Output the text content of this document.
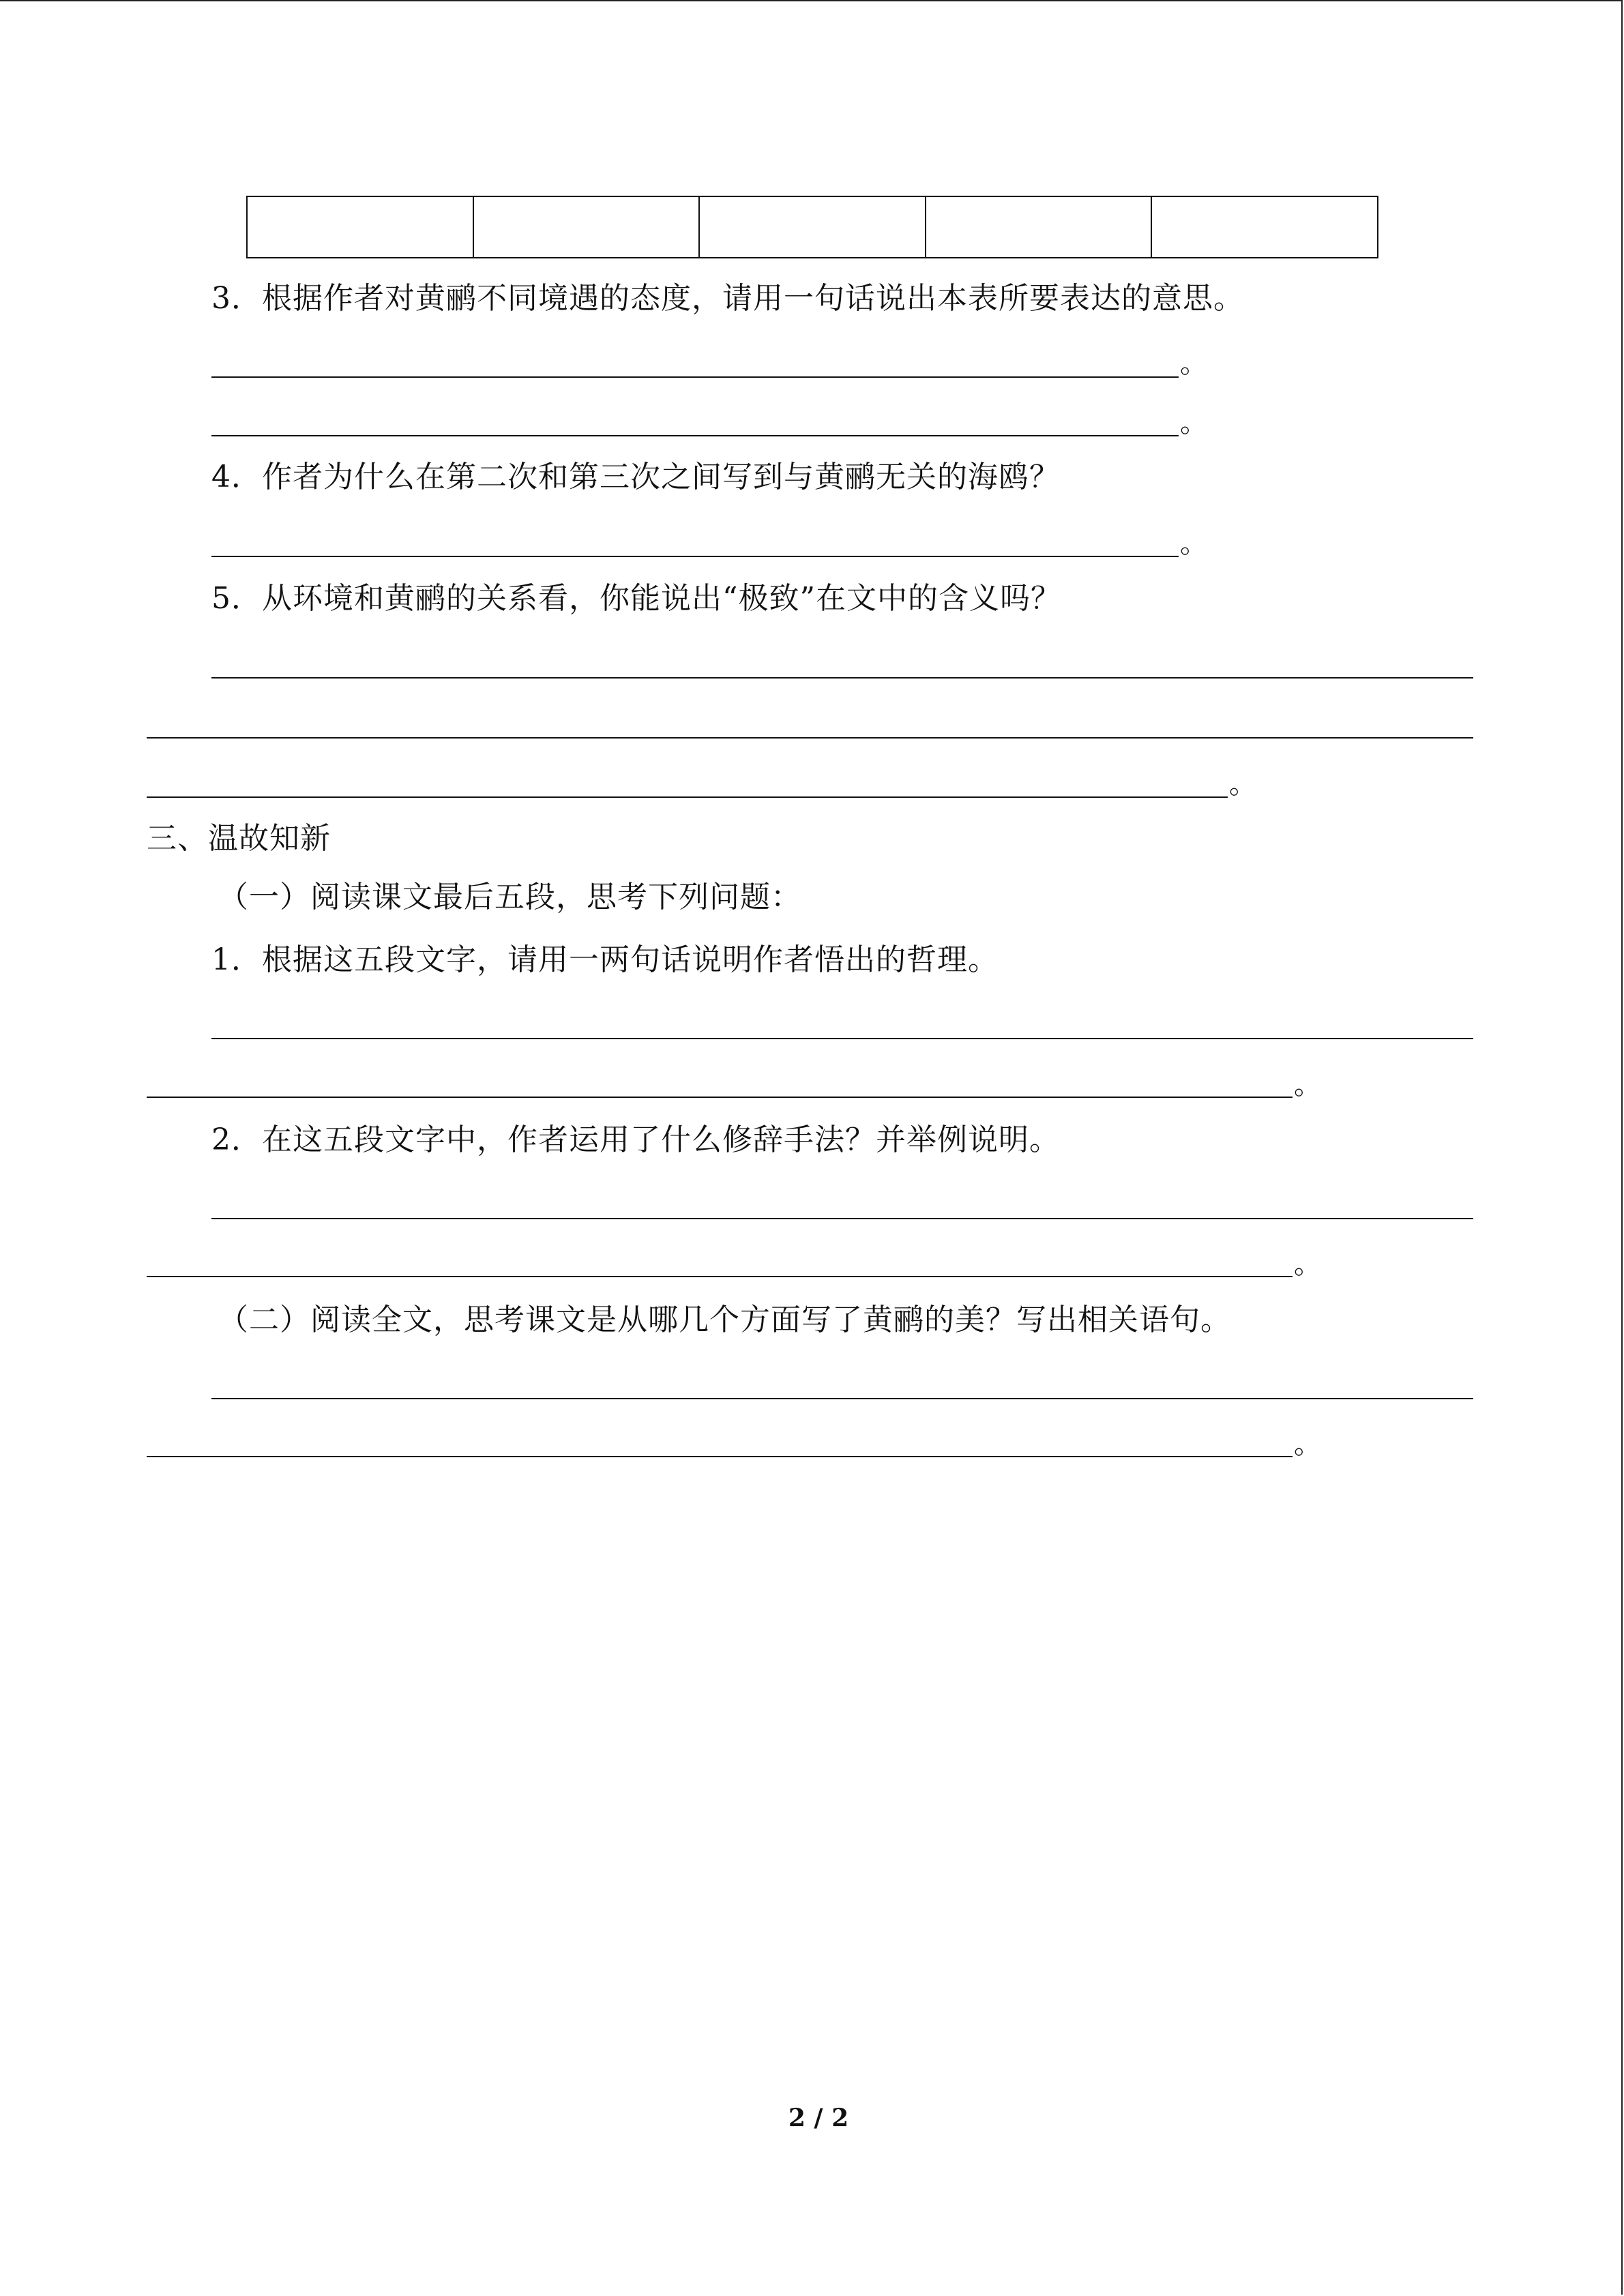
3．根据作者对黄鹂不同境遇的态度，请用一句话说出本表所要表达的意思。
。
。
4．作者为什么在第二次和第三次之间写到与黄鹂无关的海鸥？
。
5．从环境和黄鹂的关系看，你能说出“极致”在文中的含义吗？
。
三、温故知新
（一）阅读课文最后五段，思考下列问题：
1．根据这五段文字，请用一两句话说明作者悟出的哲理。
。
2．在这五段文字中，作者运用了什么修辞手法？并举例说明。
。
（二）阅读全文，思考课文是从哪几个方面写了黄鹂的美？写出相关语句。
。
2 / 2
